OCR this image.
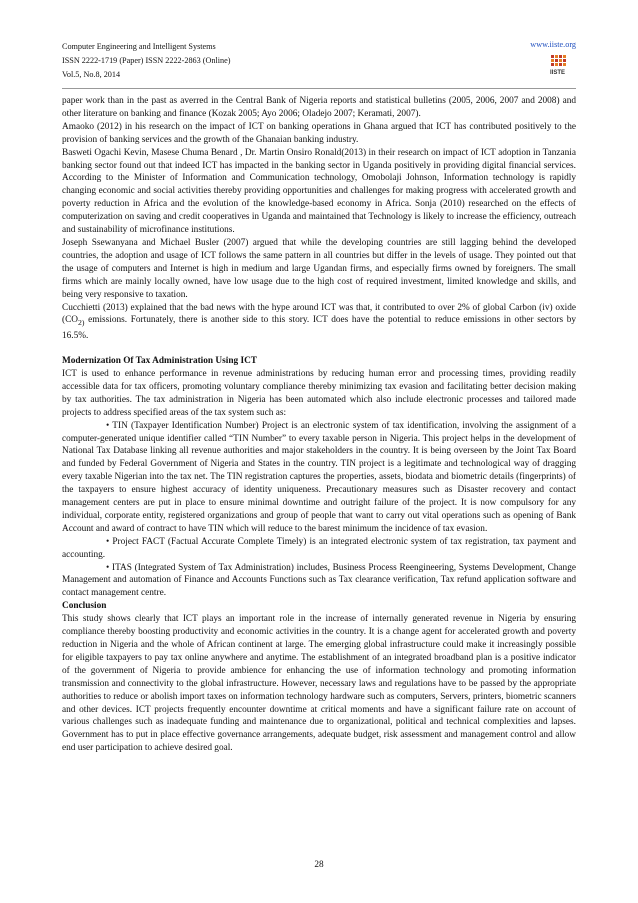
Computer Engineering and Intelligent Systems
ISSN 2222-1719 (Paper) ISSN 2222-2863 (Online)
Vol.5, No.8, 2014
www.iiste.org
IISTE

paper work than in the past as averred in the Central Bank of Nigeria reports and statistical bulletins (2005, 2006, 2007 and 2008) and other literature on banking and finance (Kozak 2005; Ayo 2006; Oladejo 2007; Keramati, 2007).

Amaoko (2012) in his research on the impact of ICT on banking operations in Ghana argued that ICT has contributed positively to the provision of banking services and the growth of the Ghanaian banking industry.

Basweti Ogachi Kevin, Masese Chuma Benard , Dr. Martin Onsiro Ronald(2013) in their research on impact of ICT adoption in Tanzania banking sector found out that indeed ICT has impacted in the banking sector in Uganda positively in providing digital financial services. According to the Minister of Information and Communication technology, Omobolaji Johnson, Information technology is rapidly changing economic and social activities thereby providing opportunities and challenges for making progress with accelerated growth and poverty reduction in Africa and the evolution of the knowledge-based economy in Africa. Sonja (2010) researched on the effects of computerization on saving and credit cooperatives in Uganda and maintained that Technology is likely to increase the efficiency, outreach and sustainability of microfinance institutions.

Joseph Ssewanyana and Michael Busler (2007) argued that while the developing countries are still lagging behind the developed countries, the adoption and usage of ICT follows the same pattern in all countries but differ in the levels of usage. They pointed out that the usage of computers and Internet is high in medium and large Ugandan firms, and especially firms owned by foreigners. The small firms which are mainly locally owned, have low usage due to the high cost of required investment, limited knowledge and skills, and being very responsive to taxation.

Cucchietti (2013) explained that the bad news with the hype around ICT was that, it contributed to over 2% of global Carbon (iv) oxide ($CO_{2)}$ emissions. Fortunately, there is another side to this story. ICT does have the potential to reduce emissions in other sectors by 16.5%.

Modernization Of Tax Administration Using ICT

ICT is used to enhance performance in revenue administrations by reducing human error and processing times, providing readily accessible data for tax officers, promoting voluntary compliance thereby minimizing tax evasion and facilitating better decision making by tax authorities. The tax administration in Nigeria has been automated which also include electronic processes and tailored made projects to address specified areas of the tax system such as:

• TIN (Taxpayer Identification Number) Project is an electronic system of tax identification, involving the assignment of a computer-generated unique identifier called “TIN Number” to every taxable person in Nigeria. This project helps in the development of National Tax Database linking all revenue authorities and major stakeholders in the country. It is being overseen by the Joint Tax Board and funded by Federal Government of Nigeria and States in the country. TIN project is a legitimate and technological way of dragging every taxable Nigerian into the tax net. The TIN registration captures the properties, assets, biodata and biometric details (fingerprints) of the taxpayers to ensure highest accuracy of identity uniqueness. Precautionary measures such as Disaster recovery and contact management centers are put in place to ensure minimal downtime and outright failure of the project. It is now compulsory for any individual, corporate entity, registered organizations and group of people that want to carry out vital operations such as opening of Bank Account and award of contract to have TIN which will reduce to the barest minimum the incidence of tax evasion.

• Project FACT (Factual Accurate Complete Timely) is an integrated electronic system of tax registration, tax payment and accounting.

• ITAS (Integrated System of Tax Administration) includes, Business Process Reengineering, Systems Development, Change Management and automation of Finance and Accounts Functions such as Tax clearance verification, Tax refund application software and contact management centre.

Conclusion

This study shows clearly that ICT plays an important role in the increase of internally generated revenue in Nigeria by ensuring compliance thereby boosting productivity and economic activities in the country. It is a change agent for accelerated growth and poverty reduction in Nigeria and the whole of African continent at large. The emerging global infrastructure could make it increasingly possible for eligible taxpayers to pay tax online anywhere and anytime. The establishment of an integrated broadband plan is a positive indicator of the government of Nigeria to provide ambience for enhancing the use of information technology and promoting information transmission and connectivity to the global infrastructure. However, necessary laws and regulations have to be passed by the appropriate authorities to reduce or abolish import taxes on information technology hardware such as computers, Servers, printers, biometric scanners and other devices. ICT projects frequently encounter downtime at critical moments and have a significant failure rate on account of various challenges such as inadequate funding and maintenance due to organizational, political and technical complexities and lapses. Government has to put in place effective governance arrangements, adequate budget, risk assessment and management control and allow end user participation to achieve desired goal.

28
